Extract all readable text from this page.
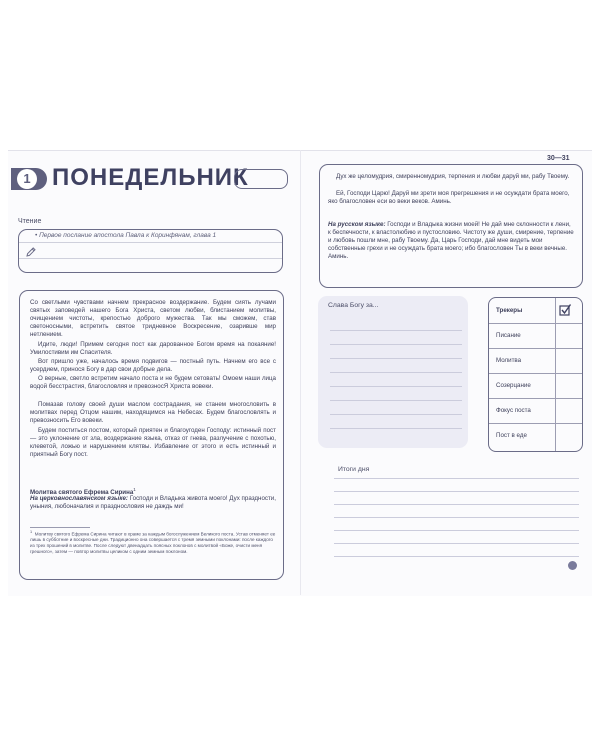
30—31
1 ПОНЕДЕЛЬНИК
Чтение
• Первое послание апостола Павла к Коринфянам, глава 1

Со светлыми чувствами начнем прекрасное воздержание. Будем сиять лучами святых заповедей нашего Бога Христа, светом любви, блистанием молитвы, очищением чистоты, крепостью доброго мужества. Так мы сможем, став светоносными, встретить святое тридневное Воскресение, озаривше мир нетлением.

Идите, люди! Примем сегодня пост как дарованное Богом время на покаяние! Умилостивим им Спасителя.

Вот пришло уже, началось время подвигов — постный путь. Начнем его все с усердием, принося Богу в дар свои добрые дела.

О верные, светло встретим начало поста и не будем сетовать! Омоем наши лица водой бесстрастия, благословляя и превозносЯ Христа вовеки.

Помазав голову своей души маслом сострадания, не станем многословить в молитвах перед Отцом нашим, находящимся на Небесах. Будем благословлять и превозносить Его вовеки.

Будем поститься постом, который приятен и благоугоден Господу: истинный пост — это уклонение от зла, воздержание языка, отказ от гнева, разлучение с похотью, клеветой, ложью и нарушением клятвы. Избавление от этого и есть истинный и приятный Богу пост.

Молитва святого Ефрема Сирина$^1$

На церковнославянском языке: Господи и Владыка живота моего! Дух праздности, уныния, любоначалия и празднословия не даждь ми!

$^1$ Молитву святого Ефрема Сирина читают в храме за каждым богослужением Великого поста. Устав отменяет ее лишь в субботние и воскресные дни. Традиционно она совершается с тремя земными поклонами: после каждого из трех прошений в молитве. После следуют двенадцать поясных поклонов с молитвой «Боже, очисти меня грешного», затем — повтор молитвы целиком с одним земным поклоном.

Дух же целомудрия, смиренномудрия, терпения и любви даруй ми, рабу Твоему.

Ей, Господи Царю! Даруй ми зрети моя прегрешения и не осуждати брата моего, яко благословен еси во веки веков. Аминь.

На русском языке: Господи и Владыка жизни моей! Не дай мне склонности к лени, к беспечности, к властолюбию и пустословию. Чистоту же души, смирение, терпение и любовь пошли мне, рабу Твоему. Да, Царь Господи, дай мне видеть мои собственные грехи и не осуждать брата моего; ибо благословен Ты в веки вечные. Аминь.

Слава Богу за...
Трекеры
Писание
Молитва
Созерцание
Фокус поста
Пост в еде
Итоги дня
